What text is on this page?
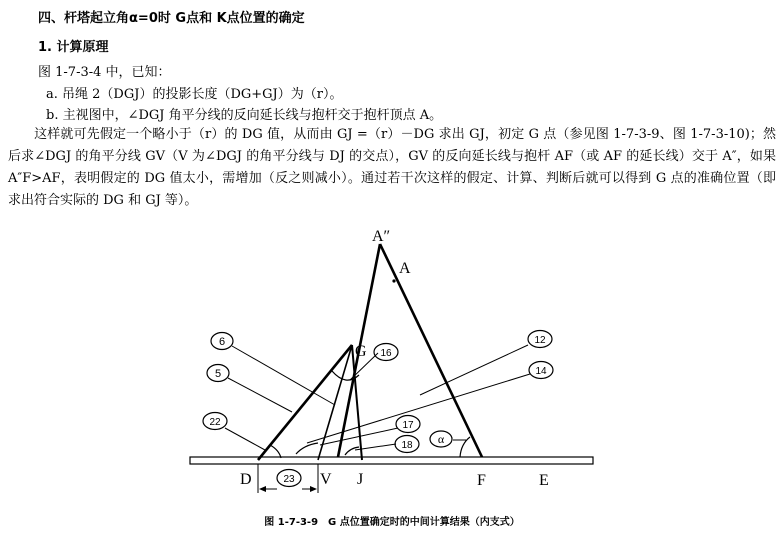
四、杆塔起立角α=0时 G点和 K点位置的确定
1. 计算原理
图 1-7-3-4 中，已知：
a. 吊绳 2（DGJ）的投影长度（DG+GJ）为（r）。
b. 主视图中，∠DGJ 角平分线的反向延长线与抱杆交于抱杆顶点 A。
这样就可先假定一个略小于（r）的 DG 值，从而由 GJ =（r）－DG 求出 GJ，初定 G 点（参见图 1-7-3-9、图 1-7-3-10)；然后求∠DGJ 的角平分线 GV（V 为∠DGJ 的角平分线与 DJ 的交点），GV 的反向延长线与抱杆 AF（或 AF 的延长线）交于 A″，如果 A″F>AF，表明假定的 DG 值太小，需增加（反之则减小）。通过若干次这样的假定、计算、判断后就可以得到 G 点的准确位置（即求出符合实际的 DG 和 GJ 等）。
A″
A
G
D	V J	F	E
6
5
22
16
12
14
17
18 α
23
图 1-7-3-9　G 点位置确定时的中间计算结果（内支式）
